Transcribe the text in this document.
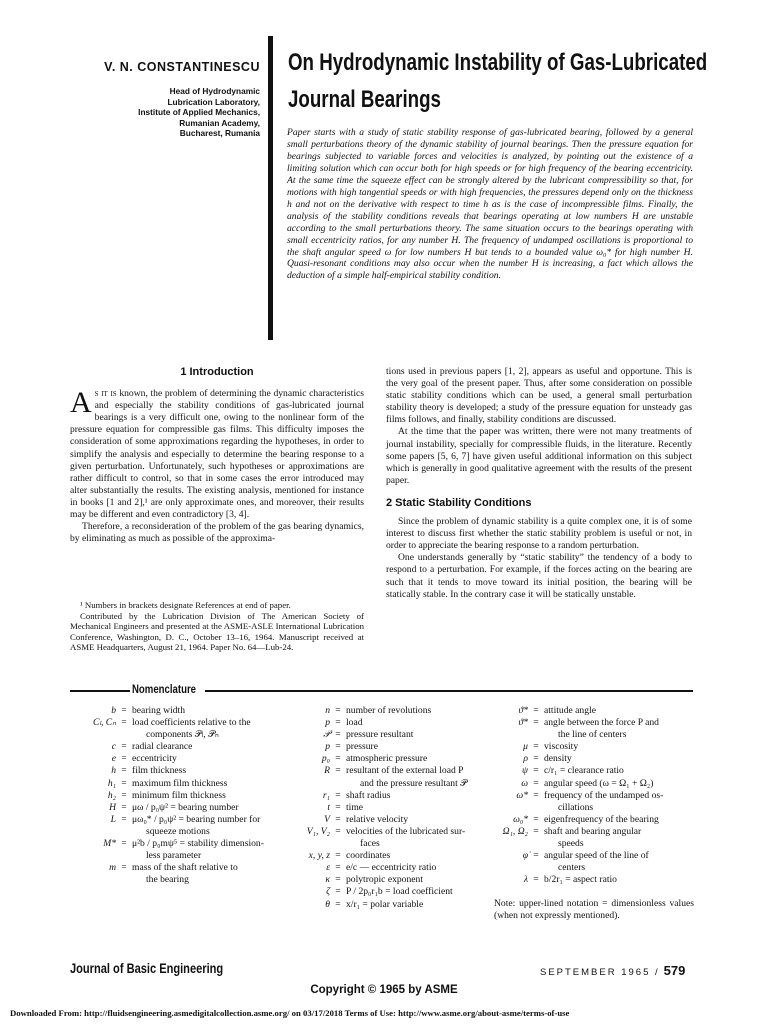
V. N. CONSTANTINESCU
Head of Hydrodynamic
Lubrication Laboratory,
Institute of Applied Mechanics,
Rumanian Academy,
Bucharest, Rumania
On Hydrodynamic Instability of Gas-Lubricated
Journal Bearings
Paper starts with a study of static stability response of gas-lubricated bearing, followed by a general small perturbations theory of the dynamic stability of journal bearings. Then the pressure equation for bearings subjected to variable forces and velocities is analyzed, by pointing out the existence of a limiting solution which can occur both for high speeds or for high frequency of the bearing eccentricity. At the same time the squeeze effect can be strongly altered by the lubricant compressibility so that, for motions with high tangential speeds or with high frequencies, the pressures depend only on the thickness h and not on the derivative with respect to time h as is the case of incompressible films. Finally, the analysis of the stability conditions reveals that bearings operating at low numbers H are unstable according to the small perturbations theory. The same situation occurs to the bearings operating with small eccentricity ratios, for any number H. The frequency of undamped oscillations is proportional to the shaft angular speed ω for low numbers H but tends to a bounded value ω₀* for high number H. Quasi-resonant conditions may also occur when the number H is increasing, a fact which allows the deduction of a simple half-empirical stability condition.
1 Introduction

As it is known, the problem of determining the dynamic characteristics and especially the stability conditions of gas-lubricated journal bearings is a very difficult one, owing to the nonlinear form of the pressure equation for compressible gas films. This difficulty imposes the consideration of some approximations regarding the hypotheses, in order to simplify the analysis and especially to determine the bearing response to a given perturbation. Unfortunately, such hypotheses or approximations are rather difficult to control, so that in some cases the error introduced may alter substantially the results. The existing analysis, mentioned for instance in books [1 and 2],¹ are only approximate ones, and moreover, their results may be different and even contradictory [3, 4].

Therefore, a reconsideration of the problem of the gas bearing dynamics, by eliminating as much as possible of the approxima-

¹ Numbers in brackets designate References at end of paper.

Contributed by the Lubrication Division of The American Society of Mechanical Engineers and presented at the ASME-ASLE International Lubrication Conference, Washington, D. C., October 13–16, 1964. Manuscript received at ASME Headquarters, August 21, 1964. Paper No. 64—Lub-24.

tions used in previous papers [1, 2], appears as useful and opportune. This is the very goal of the present paper. Thus, after some consideration on possible static stability conditions which can be used, a general small perturbation stability theory is developed; a study of the pressure equation for unsteady gas films follows, and finally, stability conditions are discussed.

At the time that the paper was written, there were not many treatments of journal instability, specially for compressible fluids, in the literature. Recently some papers [5, 6, 7] have given useful additional information on this subject which is generally in good qualitative agreement with the results of the present paper.

2 Static Stability Conditions

Since the problem of dynamic stability is a quite complex one, it is of some interest to discuss first whether the static stability problem is useful or not, in order to appreciate the bearing response to a random perturbation.

One understands generally by “static stability” the tendency of a body to respond to a perturbation. For example, if the forces acting on the bearing are such that it tends to move toward its initial position, the bearing will be statically stable. In the contrary case it will be statically unstable.

Nomenclature
b = bearing width
Cₗ, Cₙ = load coefficients relative to the
components 𝒫ₗ, 𝒫ₙ
c = radial clearance
e = eccentricity
h = film thickness
h₁ = maximum film thickness
h₂ = minimum film thickness
H = μω / p₀ψ² = bearing number
L = μω₀* / p₀ψ² = bearing number for
squeeze motions
M* = μ²b / p₀mψ⁵ = stability dimension-
less parameter
m = mass of the shaft relative to
the bearing
n = number of revolutions
p = load
𝒫 = pressure resultant
p = pressure
p₀ = atmospheric pressure
R = resultant of the external load P
and the pressure resultant 𝒫
r₁ = shaft radius
t = time
V = relative velocity
V₁, V₂ = velocities of the lubricated sur-
faces
x, y, z = coordinates
ε = e/c — eccentricity ratio
κ = polytropic exponent
ζ = P / 2p₀r₁b = load coefficient
θ = x/r₁ = polar variable
ϑ* = attitude angle
ϑ* = angle between the force P and
the line of centers
μ = viscosity
ρ = density
ψ = c/r₁ = clearance ratio
ω = angular speed (ω = Ω₁ + Ω₂)
ω* = frequency of the undamped os-
cillations
ω₀* = eigenfrequency of the bearing
Ω₁, Ω₂ = shaft and bearing angular
speeds
φ̇ = angular speed of the line of
centers
λ = b/2r₁ = aspect ratio
Note: upper-lined notation = dimensionless values (when not expressly mentioned).
Journal of Basic Engineering	SEPTEMBER 1965 / 579
Copyright © 1965 by ASME
Downloaded From: http://fluidsengineering.asmedigitalcollection.asme.org/ on 03/17/2018 Terms of Use: http://www.asme.org/about-asme/terms-of-use
